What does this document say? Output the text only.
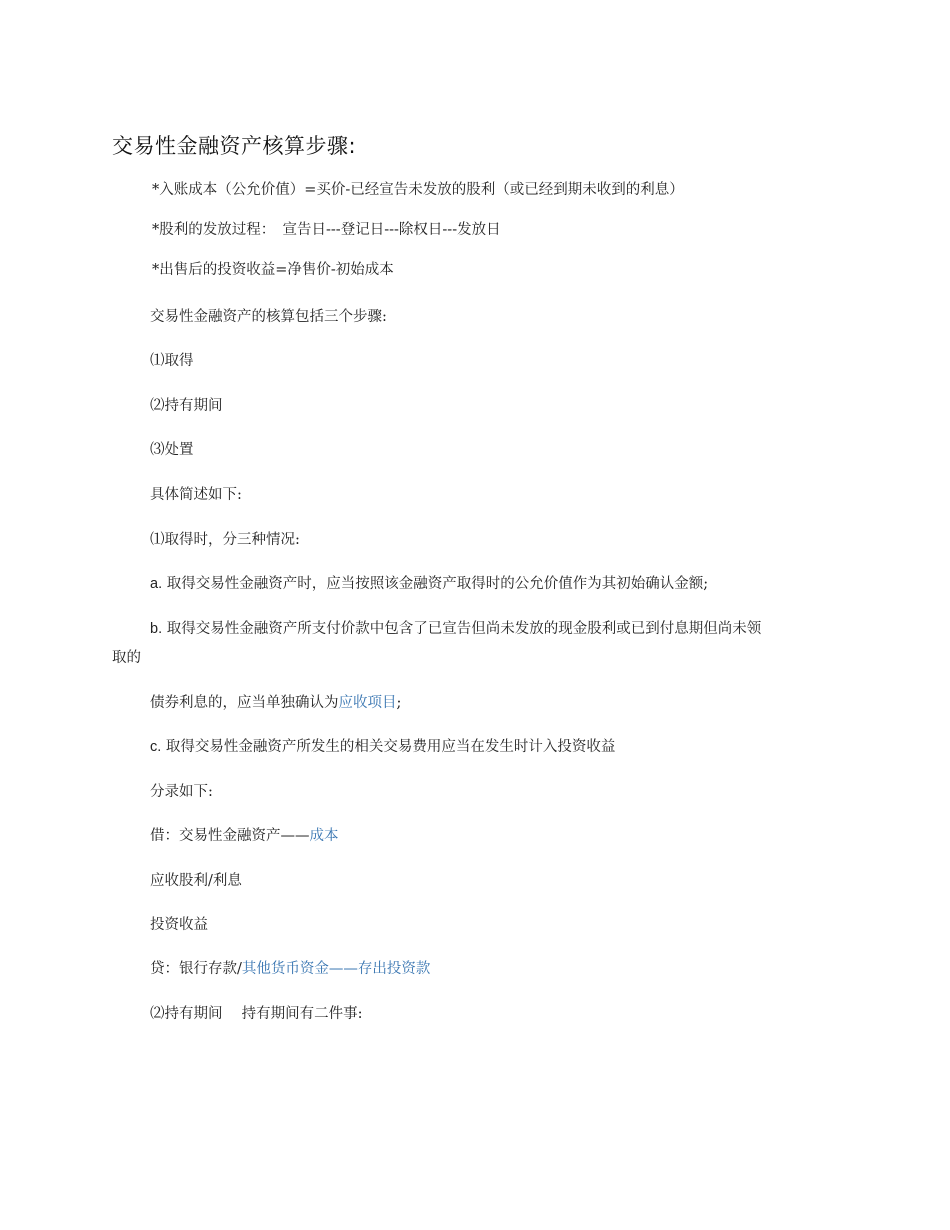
交易性金融资产核算步骤:

*入账成本（公允价值）=买价-已经宣告未发放的股利（或已经到期未收到的利息）

*股利的发放过程：　宣告日---登记日---除权日---发放日

*出售后的投资收益=净售价-初始成本

交易性金融资产的核算包括三个步骤:

⑴取得

⑵持有期间

⑶处置

具体简述如下:

⑴取得时，分三种情况:

a. 取得交易性金融资产时，应当按照该金融资产取得时的公允价值作为其初始确认金额;

b. 取得交易性金融资产所支付价款中包含了已宣告但尚未发放的现金股利或已到付息期但尚未领

取的

债券利息的，应当单独确认为应收项目;

c. 取得交易性金融资产所发生的相关交易费用应当在发生时计入投资收益

分录如下:

借：交易性金融资产——成本

应收股利/利息

投资收益

贷：银行存款/其他货币资金——存出投资款

⑵持有期间　 持有期间有二件事:
